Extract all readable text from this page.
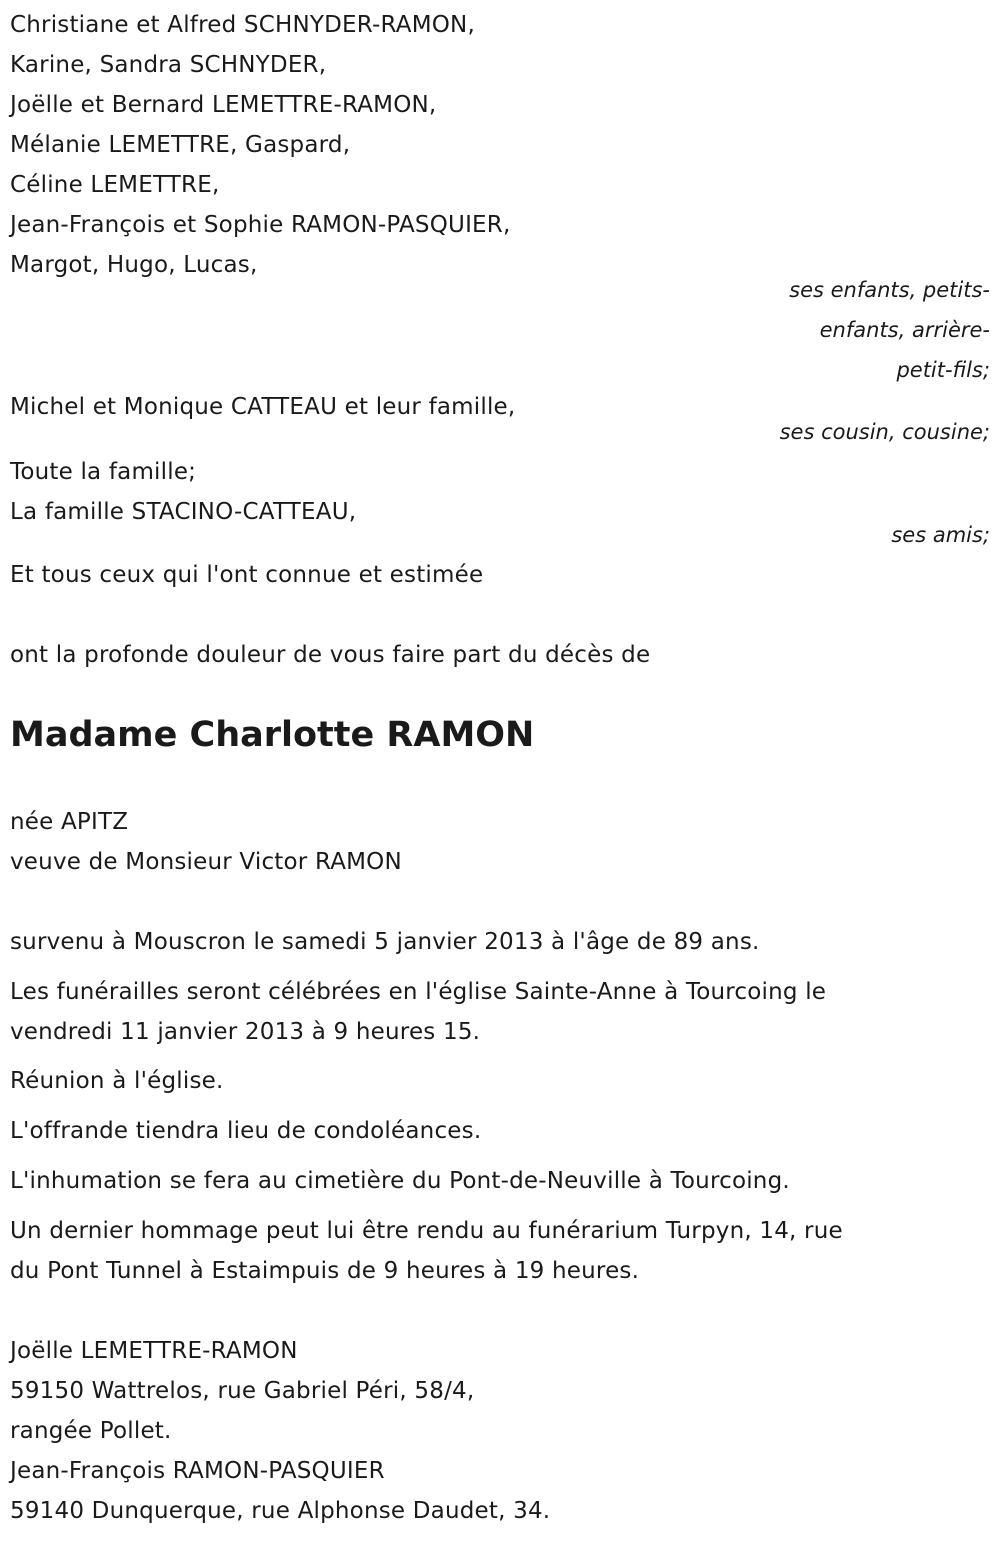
Christiane et Alfred SCHNYDER-RAMON,
Karine, Sandra SCHNYDER,
Joëlle et Bernard LEMETTRE-RAMON,
Mélanie LEMETTRE, Gaspard,
Céline LEMETTRE,
Jean-François et Sophie RAMON-PASQUIER,
Margot, Hugo, Lucas,
ses enfants, petits-
enfants, arrière-
petit-fils;
Michel et Monique CATTEAU et leur famille,
ses cousin, cousine;
Toute la famille;
La famille STACINO-CATTEAU,
ses amis;
Et tous ceux qui l'ont connue et estimée
ont la profonde douleur de vous faire part du décès de
Madame Charlotte RAMON
née APITZ
veuve de Monsieur Victor RAMON
survenu à Mouscron le samedi 5 janvier 2013 à l'âge de 89 ans.
Les funérailles seront célébrées en l'église Sainte-Anne à Tourcoing le
vendredi 11 janvier 2013 à 9 heures 15.
Réunion à l'église.
L'offrande tiendra lieu de condoléances.
L'inhumation se fera au cimetière du Pont-de-Neuville à Tourcoing.
Un dernier hommage peut lui être rendu au funérarium Turpyn, 14, rue
du Pont Tunnel à Estaimpuis de 9 heures à 19 heures.
Joëlle LEMETTRE-RAMON
59150 Wattrelos, rue Gabriel Péri, 58/4,
rangée Pollet.
Jean-François RAMON-PASQUIER
59140 Dunquerque, rue Alphonse Daudet, 34.
